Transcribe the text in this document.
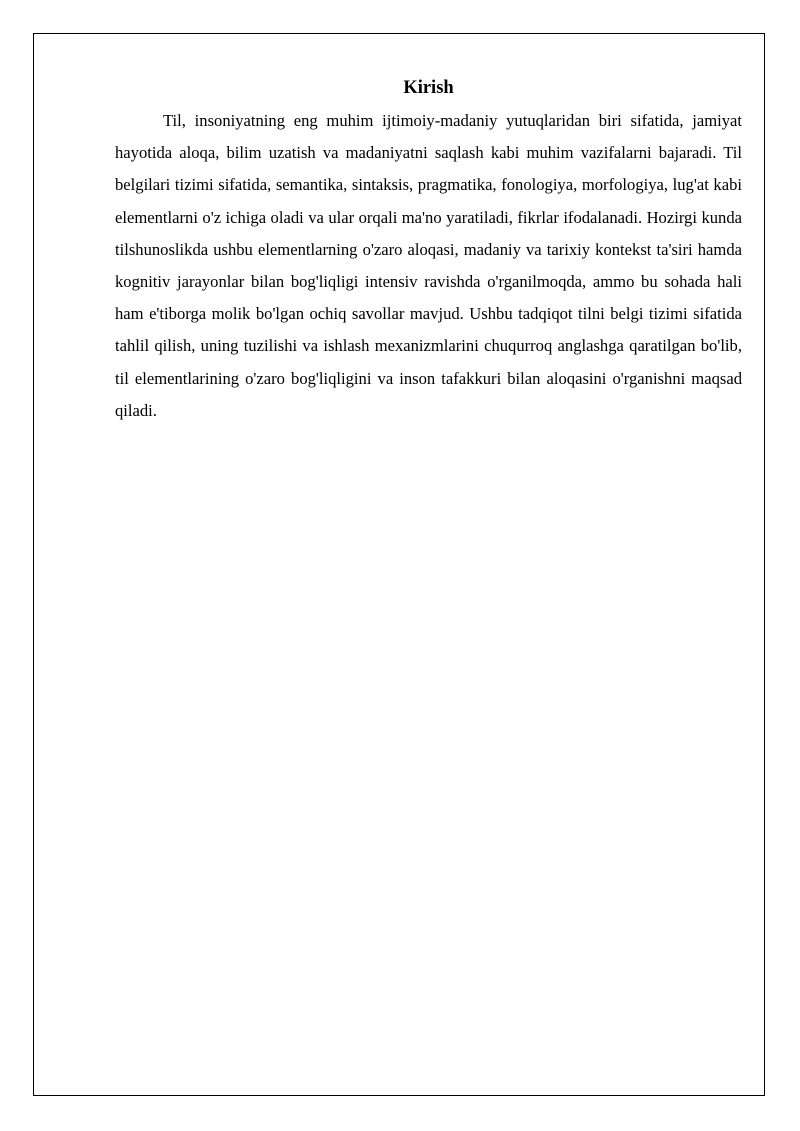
Kirish

Til, insoniyatning eng muhim ijtimoiy-madaniy yutuqlaridan biri sifatida, jamiyat hayotida aloqa, bilim uzatish va madaniyatni saqlash kabi muhim vazifalarni bajaradi. Til belgilari tizimi sifatida, semantika, sintaksis, pragmatika, fonologiya, morfologiya, lug'at kabi elementlarni o'z ichiga oladi va ular orqali ma'no yaratiladi, fikrlar ifodalanadi. Hozirgi kunda tilshunoslikda ushbu elementlarning o'zaro aloqasi, madaniy va tarixiy kontekst ta'siri hamda kognitiv jarayonlar bilan bog'liqligi intensiv ravishda o'rganilmoqda, ammo bu sohada hali ham e'tiborga molik bo'lgan ochiq savollar mavjud. Ushbu tadqiqot tilni belgi tizimi sifatida tahlil qilish, uning tuzilishi va ishlash mexanizmlarini chuqurroq anglashga qaratilgan bo'lib, til elementlarining o'zaro bog'liqligini va inson tafakkuri bilan aloqasini o'rganishni maqsad qiladi.
